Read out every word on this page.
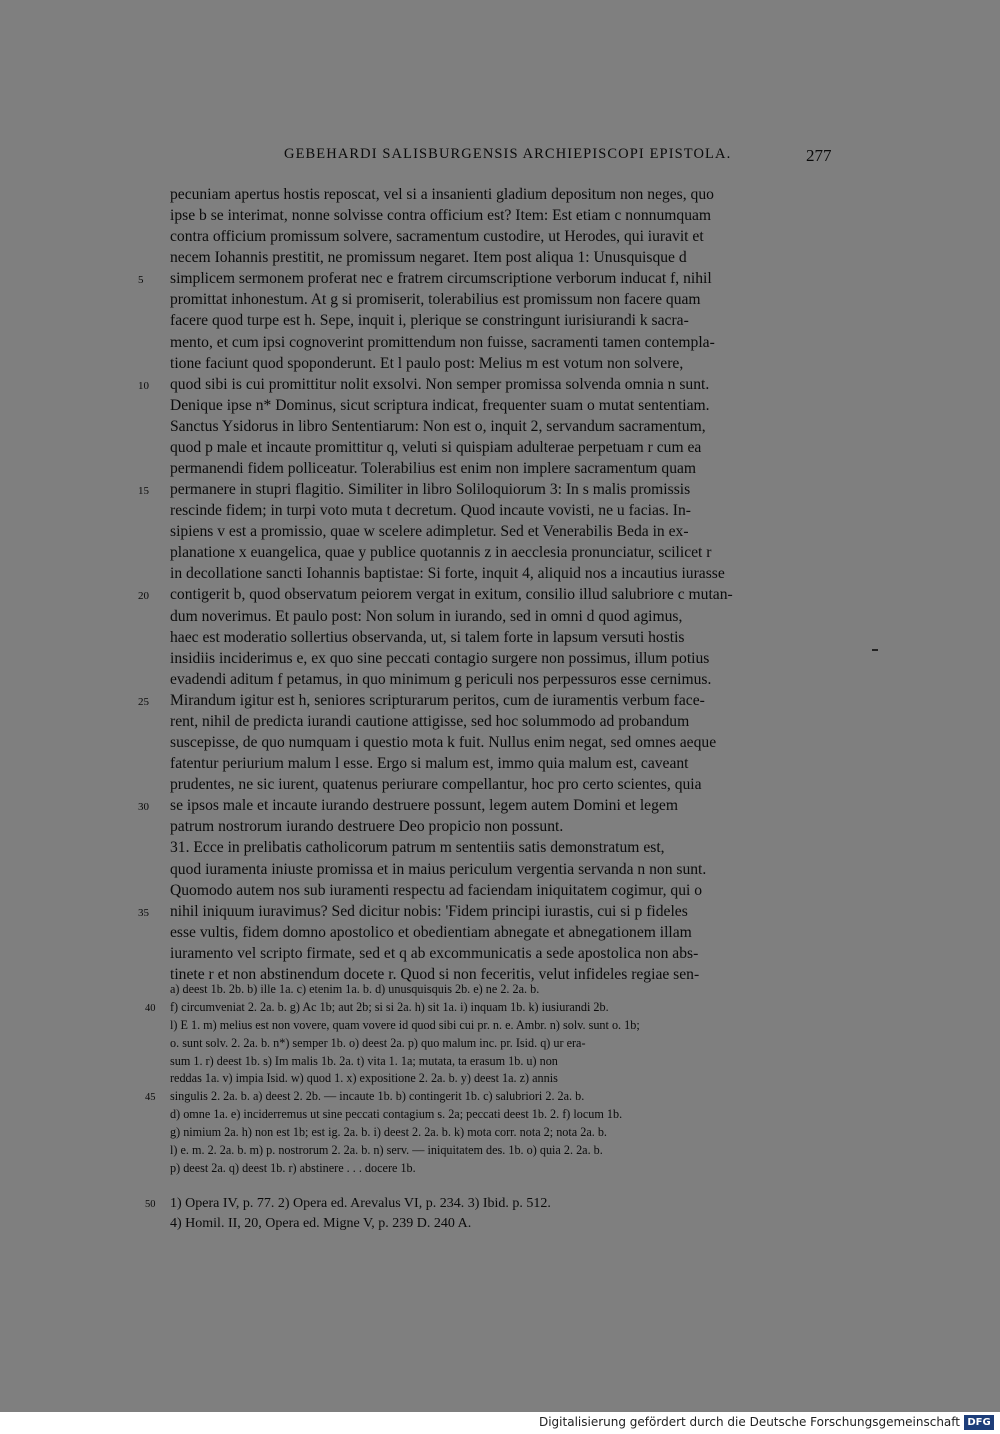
GEBEHARDI SALISBURGENSIS ARCHIEPISCOPI EPISTOLA.	277
pecuniam apertus hostis reposcat, vel si a insanienti gladium depositum non neges, quo
ipse b se interimat, nonne solvisse contra officium est? Item: Est etiam c nonnumquam
contra officium promissum solvere, sacramentum custodire, ut Herodes, qui iuravit et
necem Iohannis prestitit, ne promissum negaret. Item post aliqua 1: Unusquisque d
5	simplicem sermonem proferat nec e fratrem circumscriptione verborum inducat f, nihil
promittat inhonestum. At g si promiserit, tolerabilius est promissum non facere quam
facere quod turpe est h. Sepe, inquit i, plerique se constringunt iurisiurandi k sacra-
mento, et cum ipsi cognoverint promittendum non fuisse, sacramenti tamen contempla-
tione faciunt quod spoponderunt. Et l paulo post: Melius m est votum non solvere,
10	quod sibi is cui promittitur nolit exsolvi. Non semper promissa solvenda omnia n sunt.
Denique ipse n* Dominus, sicut scriptura indicat, frequenter suam o mutat sententiam.
Sanctus Ysidorus in libro Sententiarum: Non est o, inquit 2, servandum sacramentum,
quod p male et incaute promittitur q, veluti si quispiam adulterae perpetuam r cum ea
permanendi fidem polliceatur. Tolerabilius est enim non implere sacramentum quam
15	permanere in stupri flagitio. Similiter in libro Soliloquiorum 3: In s malis promissis
rescinde fidem; in turpi voto muta t decretum. Quod incaute vovisti, ne u facias. In-
sipiens v est a promissio, quae w scelere adimpletur. Sed et Venerabilis Beda in ex-
planatione x euangelica, quae y publice quotannis z in aecclesia pronunciatur, scilicet r
in decollatione sancti Iohannis baptistae: Si forte, inquit 4, aliquid nos a incautius iurasse
20	contigerit b, quod observatum peiorem vergat in exitum, consilio illud salubriore c mutan-
dum noverimus. Et paulo post: Non solum in iurando, sed in omni d quod agimus,
haec est moderatio sollertius observanda, ut, si talem forte in lapsum versuti hostis
insidiis inciderimus e, ex quo sine peccati contagio surgere non possimus, illum potius
evadendi aditum f petamus, in quo minimum g periculi nos perpessuros esse cernimus.
25	Mirandum igitur est h, seniores scripturarum peritos, cum de iuramentis verbum face-
rent, nihil de predicta iurandi cautione attigisse, sed hoc solummodo ad probandum
suscepisse, de quo numquam i questio mota k fuit. Nullus enim negat, sed omnes aeque
fatentur periurium malum l esse. Ergo si malum est, immo quia malum est, caveant
prudentes, ne sic iurent, quatenus periurare compellantur, hoc pro certo scientes, quia
30	se ipsos male et incaute iurando destruere possunt, legem autem Domini et legem
patrum nostrorum iurando destruere Deo propicio non possunt.
31. Ecce in prelibatis catholicorum patrum m sententiis satis demonstratum est,
quod iuramenta iniuste promissa et in maius periculum vergentia servanda n non sunt.
Quomodo autem nos sub iuramenti respectu ad faciendam iniquitatem cogimur, qui o
35	nihil iniquum iuravimus? Sed dicitur nobis: 'Fidem principi iurastis, cui si p fideles
esse vultis, fidem domno apostolico et obedientiam abnegate et abnegationem illam
iuramento vel scripto firmate, sed et q ab excommunicatis a sede apostolica non abs-
tinete r et non abstinendum docete r. Quod si non feceritis, velut infideles regiae sen-
a) deest 1b. 2b. b) ille 1a. c) etenim 1a. b. d) unusquisquis 2b. e) ne 2. 2a. b.
40 f) circumveniat 2. 2a. b. g) Ac 1b; aut 2b; si si 2a. h) sit 1a. i) inquam 1b. k) iusiurandi 2b.
l) E 1. m) melius est non vovere, quam vovere id quod sibi cui pr. n. e. Ambr. n) solv. sunt o. 1b;
o. sunt solv. 2. 2a. b. n*) semper 1b. o) deest 2a. p) quo malum inc. pr. Isid. q) ur era-
sum 1. r) deest 1b. s) Im malis 1b. 2a. t) vita 1. 1a; mutata, ta erasum 1b. u) non
reddas 1a. v) impia Isid. w) quod 1. x) expositione 2. 2a. b. y) deest 1a. z) annis
45 singulis 2. 2a. b. a) deest 2. 2b. — incaute 1b. b) contingerit 1b. c) salubriori 2. 2a. b.
d) omne 1a. e) inciderremus ut sine peccati contagium s. 2a; peccati deest 1b. 2. f) locum 1b.
g) nimium 2a. h) non est 1b; est ig. 2a. b. i) deest 2. 2a. b. k) mota corr. nota 2; nota 2a. b.
l) e. m. 2. 2a. b. m) p. nostrorum 2. 2a. b. n) serv. — iniquitatem des. 1b. o) quia 2. 2a. b.
p) deest 2a. q) deest 1b. r) abstinere . . . docere 1b.
50 1) Opera IV, p. 77. 2) Opera ed. Arevalus VI, p. 234. 3) Ibid. p. 512.
4) Homil. II, 20, Opera ed. Migne V, p. 239 D. 240 A.
Digitalisierung gefördert durch die Deutsche Forschungsgemeinschaft DFG
